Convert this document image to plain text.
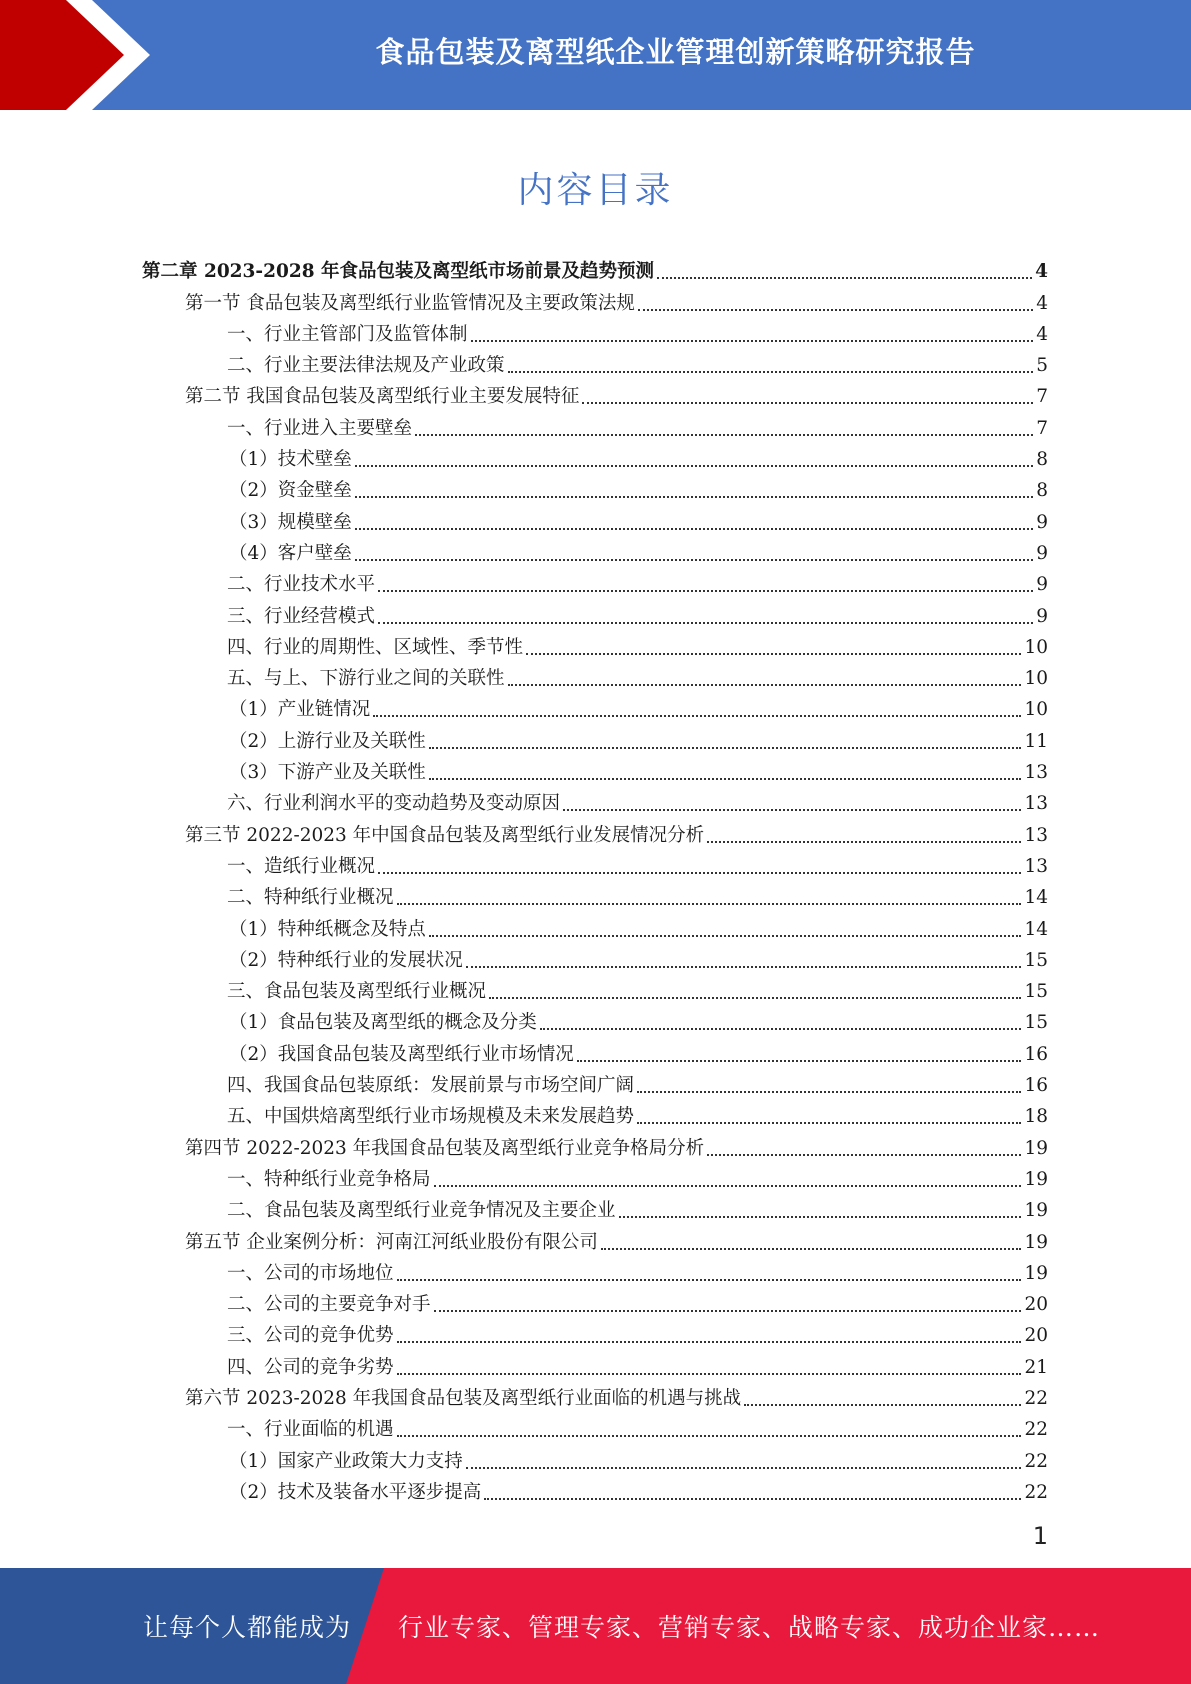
食品包装及离型纸企业管理创新策略研究报告
内容目录
第二章 2023-2028 年食品包装及离型纸市场前景及趋势预测	4
第一节 食品包装及离型纸行业监管情况及主要政策法规	4
一、行业主管部门及监管体制	4
二、行业主要法律法规及产业政策	5
第二节 我国食品包装及离型纸行业主要发展特征	7
一、行业进入主要壁垒	7
（1）技术壁垒	8
（2）资金壁垒	8
（3）规模壁垒	9
（4）客户壁垒	9
二、行业技术水平	9
三、行业经营模式	9
四、行业的周期性、区域性、季节性	10
五、与上、下游行业之间的关联性	10
（1）产业链情况	10
（2）上游行业及关联性	11
（3）下游产业及关联性	13
六、行业利润水平的变动趋势及变动原因	13
第三节 2022-2023 年中国食品包装及离型纸行业发展情况分析	13
一、造纸行业概况	13
二、特种纸行业概况	14
（1）特种纸概念及特点	14
（2）特种纸行业的发展状况	15
三、食品包装及离型纸行业概况	15
（1）食品包装及离型纸的概念及分类	15
（2）我国食品包装及离型纸行业市场情况	16
四、我国食品包装原纸：发展前景与市场空间广阔	16
五、中国烘焙离型纸行业市场规模及未来发展趋势	18
第四节 2022-2023 年我国食品包装及离型纸行业竞争格局分析	19
一、特种纸行业竞争格局	19
二、食品包装及离型纸行业竞争情况及主要企业	19
第五节 企业案例分析：河南江河纸业股份有限公司	19
一、公司的市场地位	19
二、公司的主要竞争对手	20
三、公司的竞争优势	20
四、公司的竞争劣势	21
第六节 2023-2028 年我国食品包装及离型纸行业面临的机遇与挑战	22
一、行业面临的机遇	22
（1）国家产业政策大力支持	22
（2）技术及装备水平逐步提高	22
1
让每个人都能成为 行业专家、管理专家、营销专家、战略专家、成功企业家……
